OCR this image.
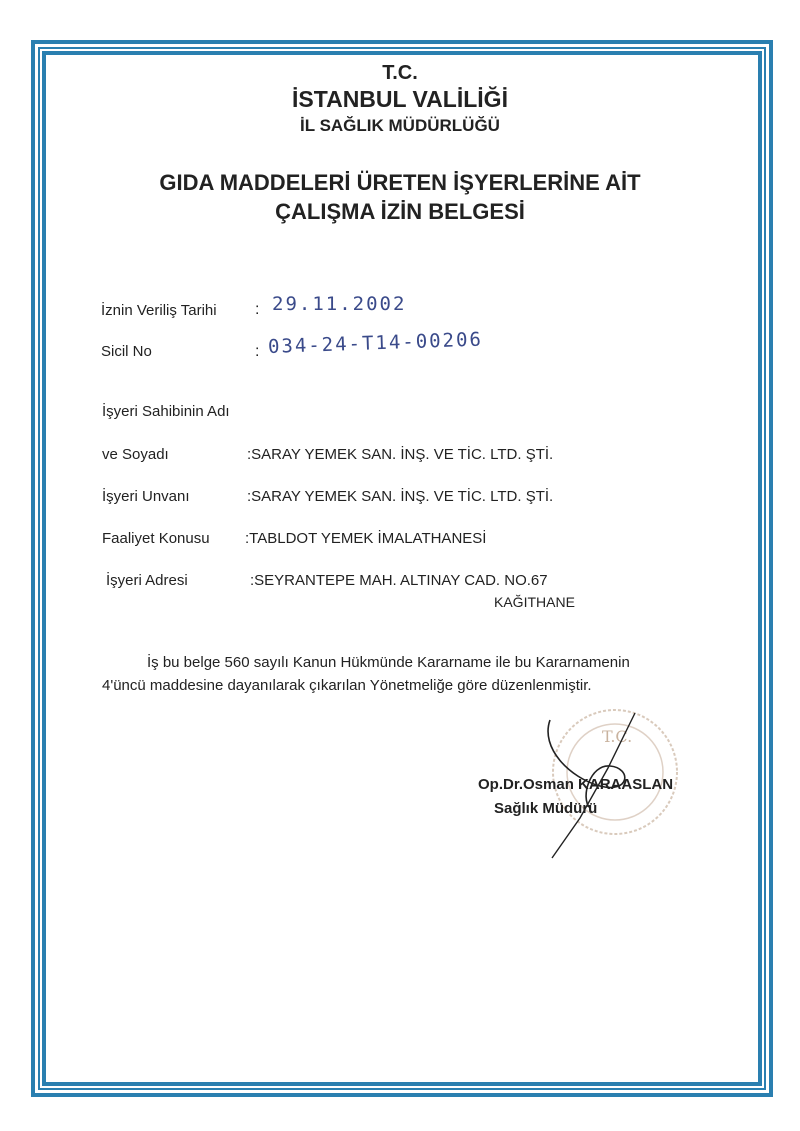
T.C.
İSTANBUL VALİLİĞİ
İL SAĞLIK MÜDÜRLÜĞÜ
GIDA MADDELERİ ÜRETEN İŞYERLERİNE AİT
ÇALIŞMA İZİN BELGESİ
İznin Veriliş Tarihi : 29.11.2002
Sicil No	: 034-24-T14-00206
İşyeri Sahibinin Adı
ve Soyadı	:SARAY YEMEK SAN. İNŞ. VE TİC. LTD. ŞTİ.
İşyeri Unvanı	:SARAY YEMEK SAN. İNŞ. VE TİC. LTD. ŞTİ.
Faaliyet Konusu :TABLDOT YEMEK İMALATHANESİ
İşyeri Adresi	:SEYRANTEPE MAH. ALTINAY CAD. NO.67
KAĞITHANE
İş bu belge 560 sayılı Kanun Hükmünde Kararname ile bu Kararnamenin
4'üncü maddesine dayanılarak çıkarılan Yönetmeliğe göre düzenlenmiştir.
T.C.
Op.Dr.Osman KARAASLAN
Sağlık Müdürü
